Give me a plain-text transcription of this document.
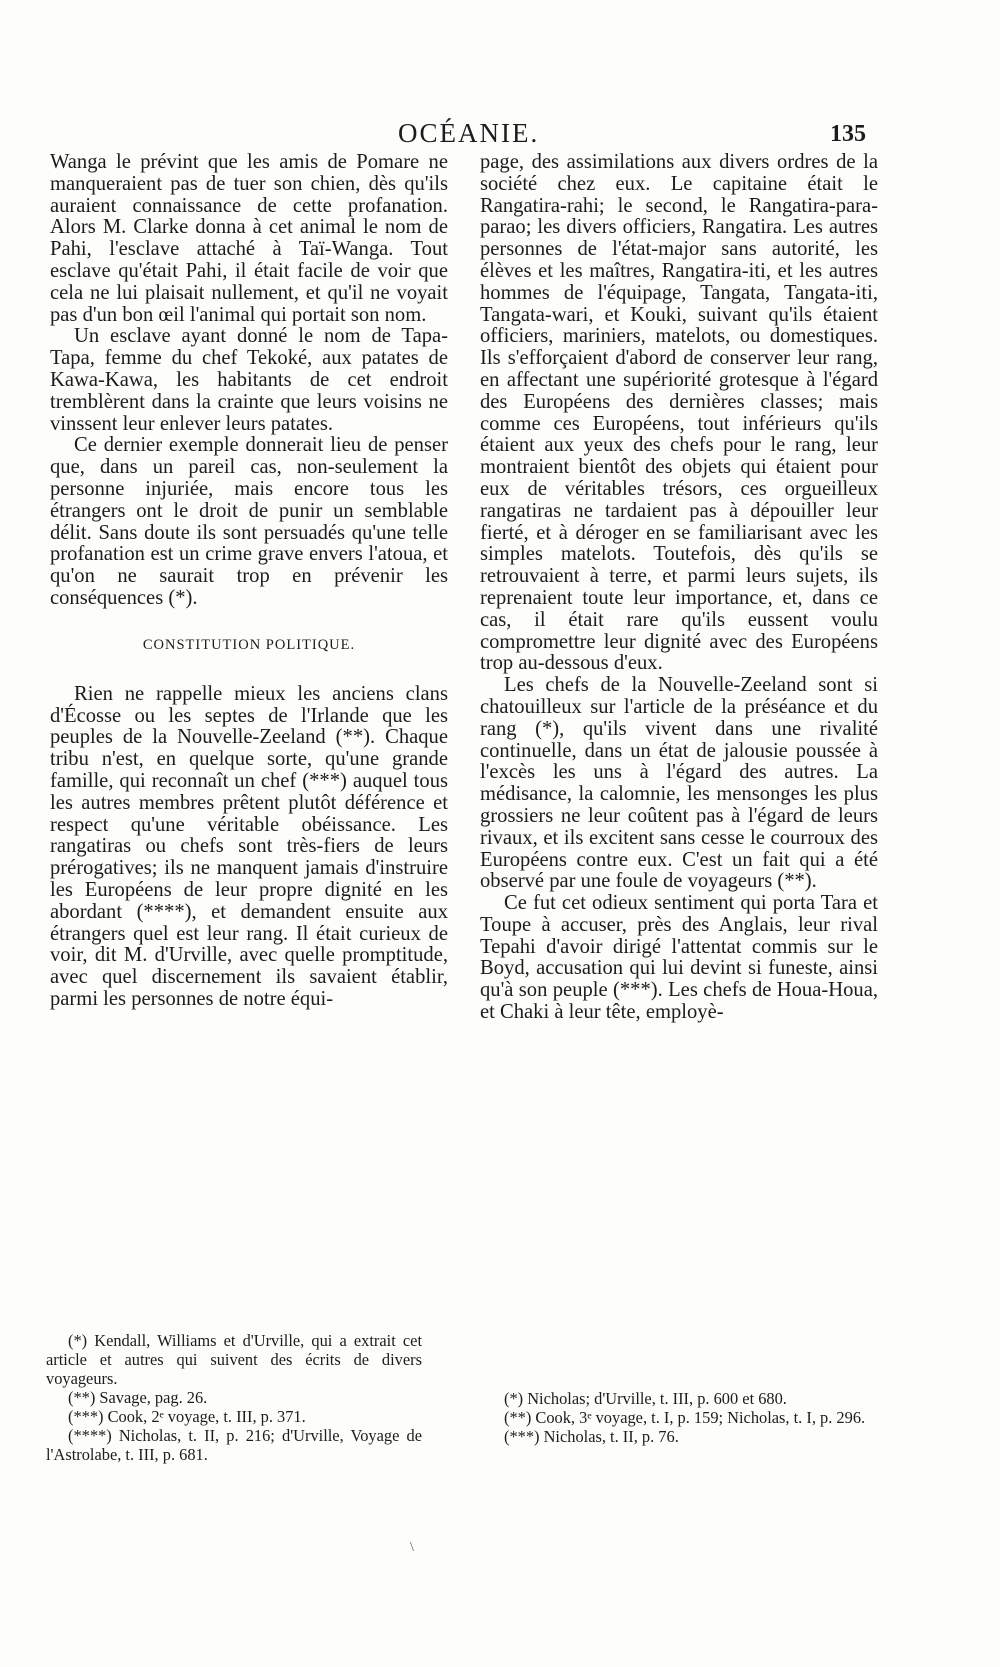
OCÉANIE.	135

Wanga le prévint que les amis de Pomare ne manqueraient pas de tuer son chien, dès qu'ils auraient connaissance de cette profanation. Alors M. Clarke donna à cet animal le nom de Pahi, l'esclave attaché à Taï-Wanga. Tout esclave qu'était Pahi, il était facile de voir que cela ne lui plaisait nullement, et qu'il ne voyait pas d'un bon œil l'animal qui portait son nom.

Un esclave ayant donné le nom de Tapa-Tapa, femme du chef Tekoké, aux patates de Kawa-Kawa, les habitants de cet endroit tremblèrent dans la crainte que leurs voisins ne vinssent leur enlever leurs patates.

Ce dernier exemple donnerait lieu de penser que, dans un pareil cas, non-seulement la personne injuriée, mais encore tous les étrangers ont le droit de punir un semblable délit. Sans doute ils sont persuadés qu'une telle profanation est un crime grave envers l'atoua, et qu'on ne saurait trop en prévenir les conséquences (*).

CONSTITUTION POLITIQUE.

Rien ne rappelle mieux les anciens clans d'Écosse ou les septes de l'Irlande que les peuples de la Nouvelle-Zeeland (**). Chaque tribu n'est, en quelque sorte, qu'une grande famille, qui reconnaît un chef (***) auquel tous les autres membres prêtent plutôt déférence et respect qu'une véritable obéissance. Les rangatiras ou chefs sont très-fiers de leurs prérogatives; ils ne manquent jamais d'instruire les Européens de leur propre dignité en les abordant (****), et demandent ensuite aux étrangers quel est leur rang. Il était curieux de voir, dit M. d'Urville, avec quelle promptitude, avec quel discernement ils savaient établir, parmi les personnes de notre équi-

(*) Kendall, Williams et d'Urville, qui a extrait cet article et autres qui suivent des écrits de divers voyageurs.

(**) Savage, pag. 26.

(***) Cook, 2ᵉ voyage, t. III, p. 371.

(****) Nicholas, t. II, p. 216; d'Urville, Voyage de l'Astrolabe, t. III, p. 681.

page, des assimilations aux divers ordres de la société chez eux. Le capitaine était le Rangatira-rahi; le second, le Rangatira-para-parao; les divers officiers, Rangatira. Les autres personnes de l'état-major sans autorité, les élèves et les maîtres, Rangatira-iti, et les autres hommes de l'équipage, Tangata, Tangata-iti, Tangata-wari, et Kouki, suivant qu'ils étaient officiers, mariniers, matelots, ou domestiques. Ils s'efforçaient d'abord de conserver leur rang, en affectant une supériorité grotesque à l'égard des Européens des dernières classes; mais comme ces Européens, tout inférieurs qu'ils étaient aux yeux des chefs pour le rang, leur montraient bientôt des objets qui étaient pour eux de véritables trésors, ces orgueilleux rangatiras ne tardaient pas à dépouiller leur fierté, et à déroger en se familiarisant avec les simples matelots. Toutefois, dès qu'ils se retrouvaient à terre, et parmi leurs sujets, ils reprenaient toute leur importance, et, dans ce cas, il était rare qu'ils eussent voulu compromettre leur dignité avec des Européens trop au-dessous d'eux.

Les chefs de la Nouvelle-Zeeland sont si chatouilleux sur l'article de la préséance et du rang (*), qu'ils vivent dans une rivalité continuelle, dans un état de jalousie poussée à l'excès les uns à l'égard des autres. La médisance, la calomnie, les mensonges les plus grossiers ne leur coûtent pas à l'égard de leurs rivaux, et ils excitent sans cesse le courroux des Européens contre eux. C'est un fait qui a été observé par une foule de voyageurs (**).

Ce fut cet odieux sentiment qui porta Tara et Toupe à accuser, près des Anglais, leur rival Tepahi d'avoir dirigé l'attentat commis sur le Boyd, accusation qui lui devint si funeste, ainsi qu'à son peuple (***). Les chefs de Houa-Houa, et Chaki à leur tête, employè-

(*) Nicholas; d'Urville, t. III, p. 600 et 680.

(**) Cook, 3ᵉ voyage, t. I, p. 159; Nicholas, t. I, p. 296.

(***) Nicholas, t. II, p. 76.

\
